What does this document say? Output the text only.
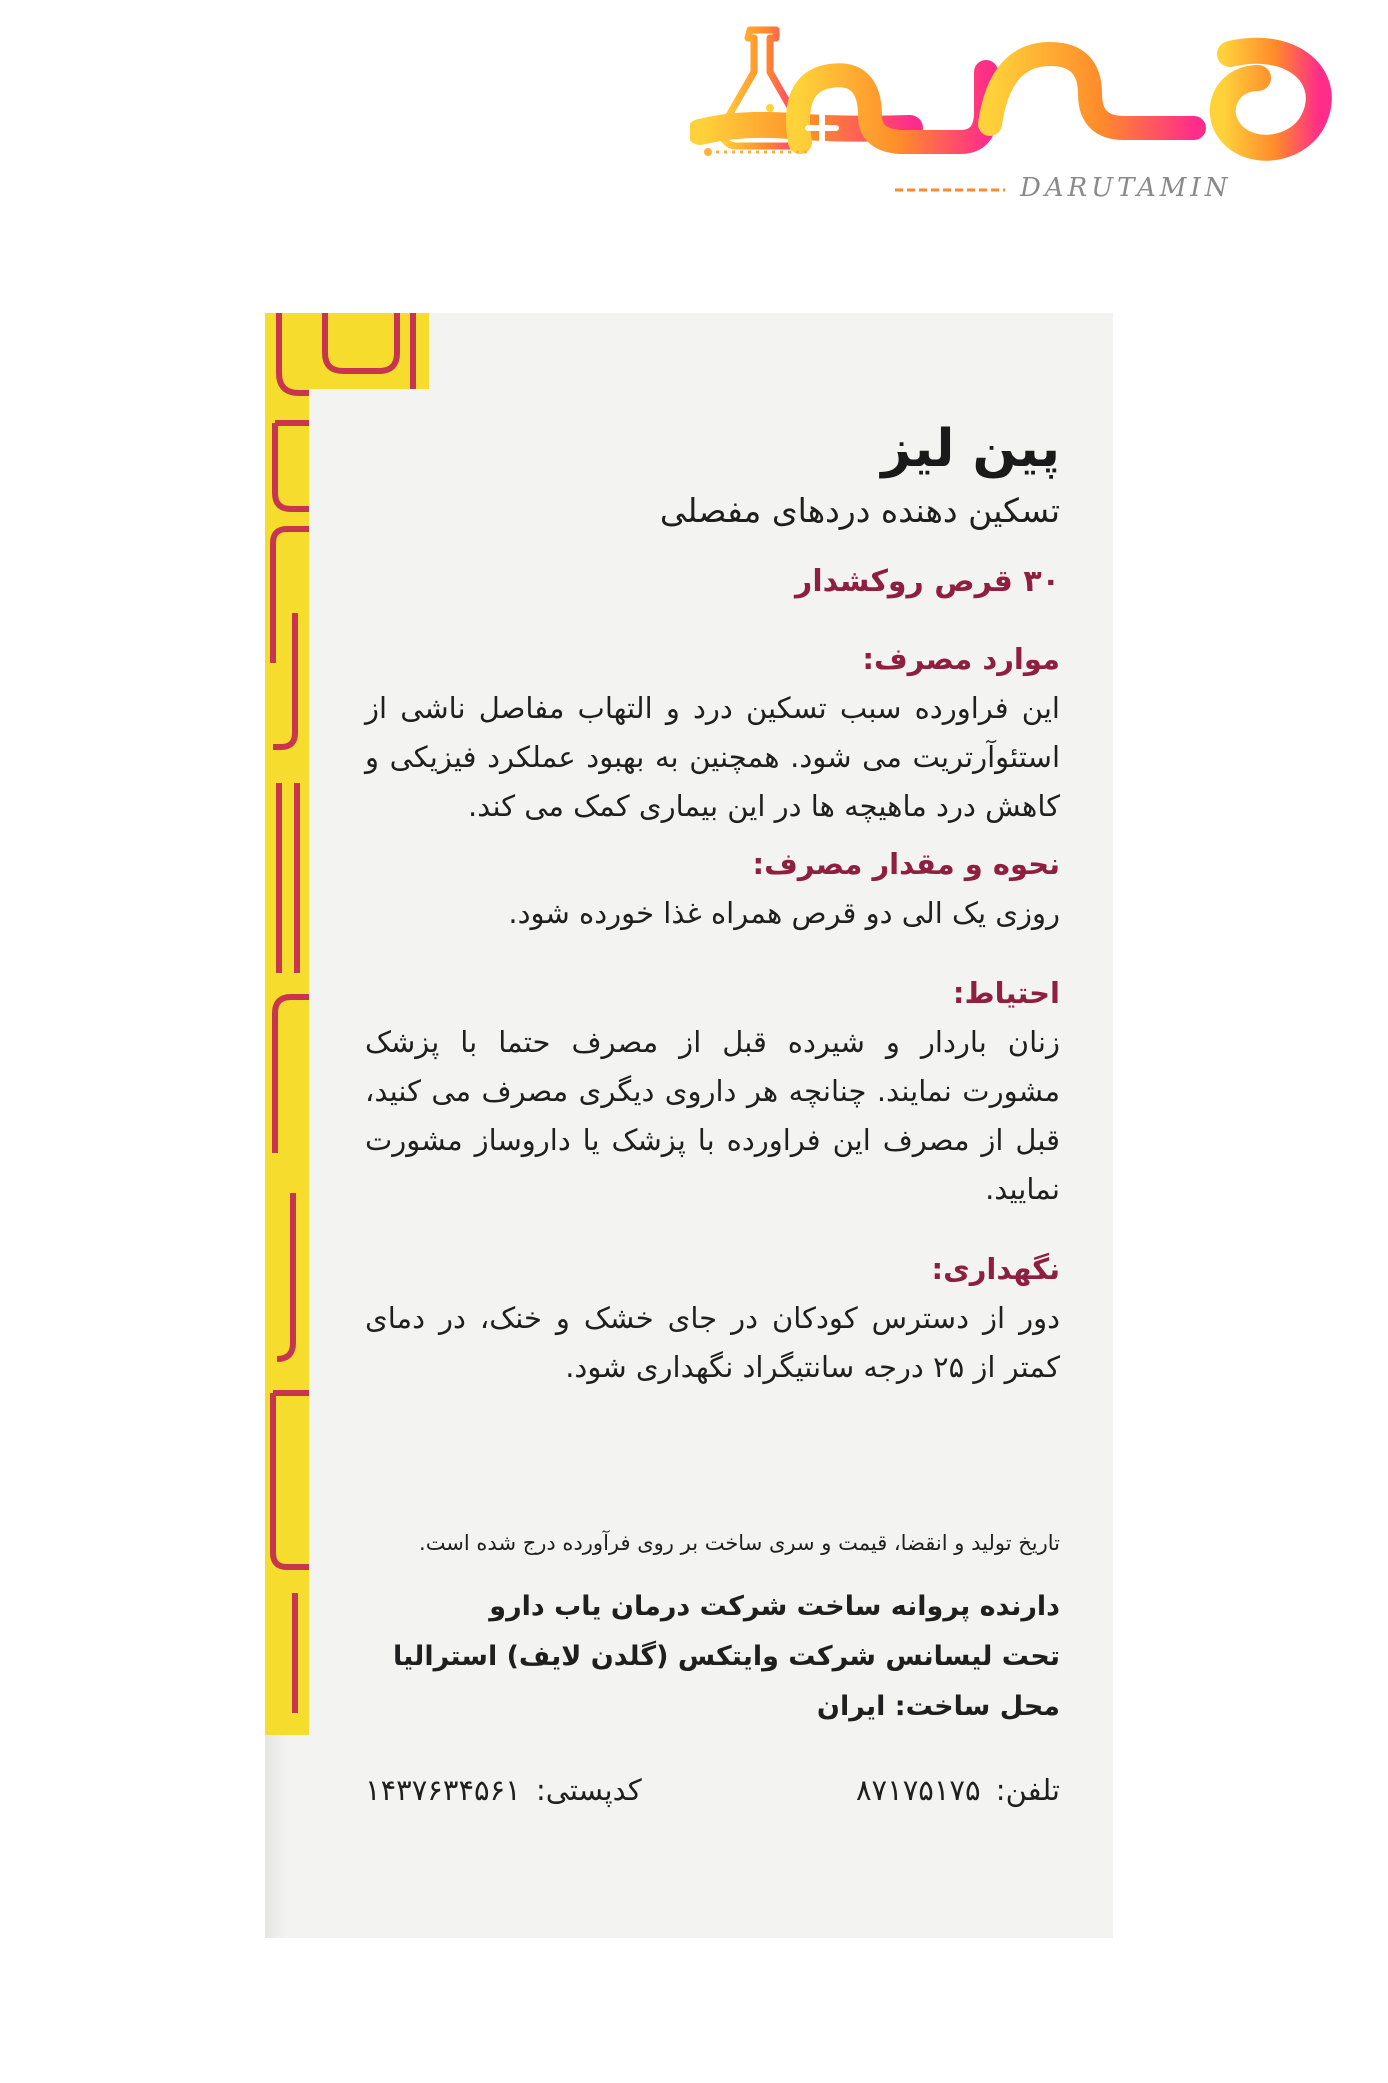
DARUTAMIN
پین لیز

تسکین دهنده دردهای مفصلی

۳۰ قرص روکشدار

موارد مصرف:

این فراورده سبب تسکین درد و التهاب مفاصل ناشی از استئوآرتریت می شود. همچنین به بهبود عملکرد فیزیکی و کاهش درد ماهیچه ها در این بیماری کمک می کند.

نحوه و مقدار مصرف:

روزی یک الی دو قرص همراه غذا خورده شود.

احتیاط:

زنان باردار و شیرده قبل از مصرف حتما با پزشک مشورت نمایند. چنانچه هر داروی دیگری مصرف می کنید، قبل از مصرف این فراورده با پزشک یا داروساز مشورت نمایید.

نگهداری:

دور از دسترس کودکان در جای خشک و خنک، در دمای کمتر از ۲۵ درجه سانتیگراد نگهداری شود.

تاریخ تولید و انقضا، قیمت و سری ساخت بر روی فرآورده درج شده است.

دارنده پروانه ساخت شرکت درمان یاب دارو
تحت لیسانس شرکت وایتکس (گلدن لایف) استرالیا
محل ساخت: ایران
تلفن: ۸۷۱۷۵۱۷۵
کدپستی: ۱۴۳۷۶۳۴۵۶۱
